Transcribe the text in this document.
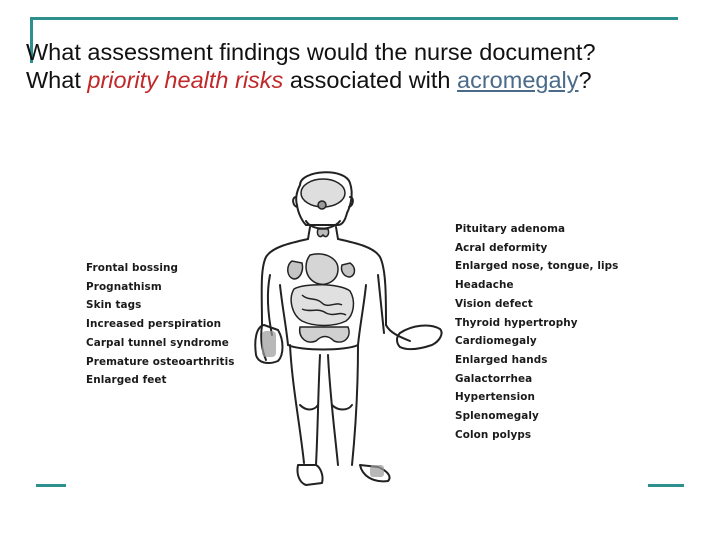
What assessment findings would the nurse document?

What priority health risks associated with acromegaly?

Frontal bossing
Prognathism
Skin tags
Increased perspiration
Carpal tunnel syndrome
Premature osteoarthritis
Enlarged feet
Pituitary adenoma
Acral deformity
Enlarged nose, tongue, lips
Headache
Vision defect
Thyroid hypertrophy
Cardiomegaly
Enlarged hands
Galactorrhea
Hypertension
Splenomegaly
Colon polyps
